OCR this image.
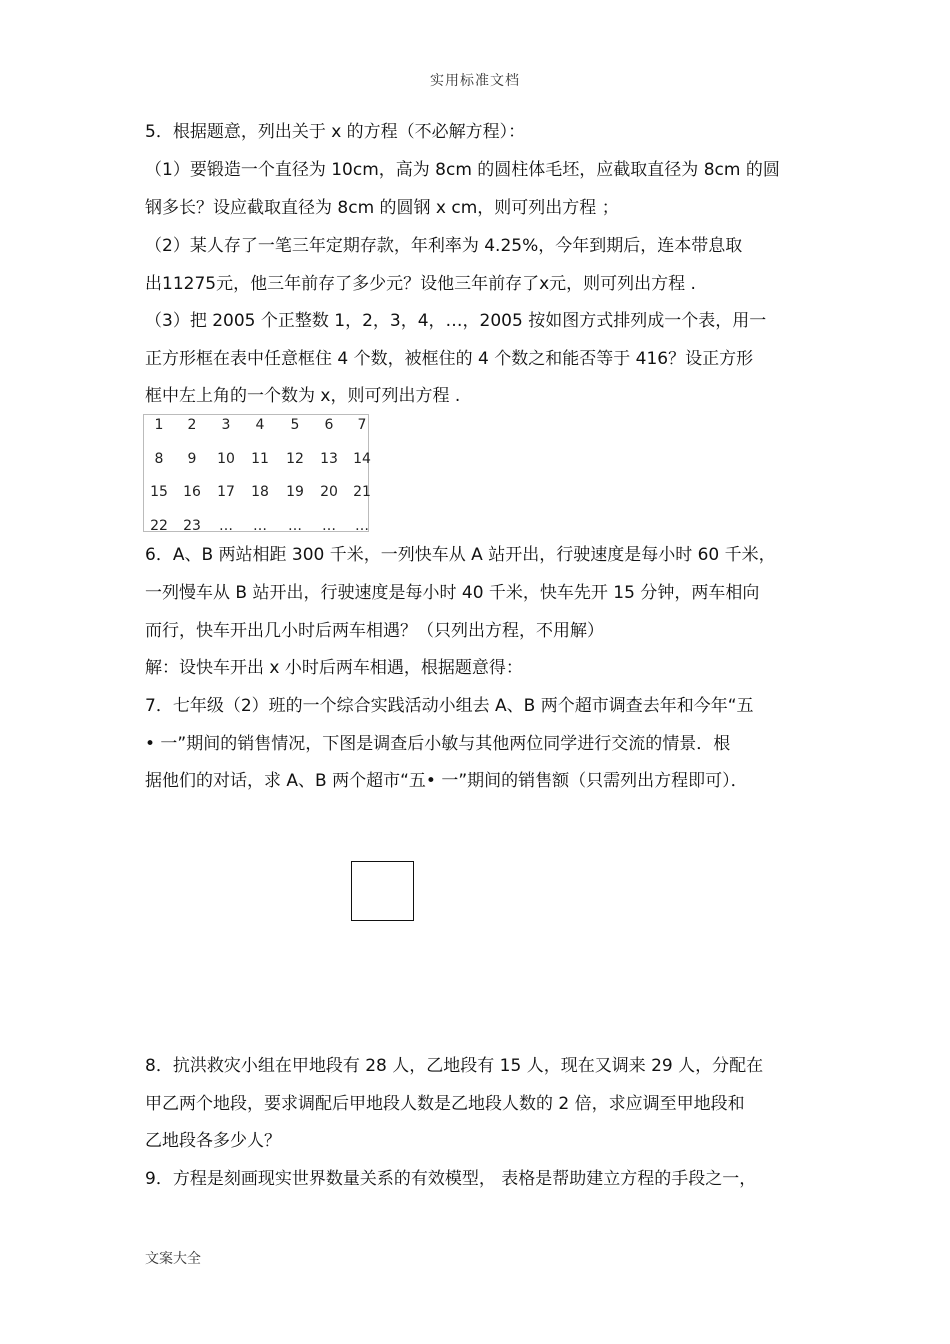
实用标准文档
5．根据题意，列出关于 x 的方程（不必解方程）：
（1）要锻造一个直径为 10cm，高为 8cm 的圆柱体毛坯，应截取直径为 8cm 的圆
钢多长？设应截取直径为 8cm 的圆钢 x cm，则可列出方程 ；
（2）某人存了一笔三年定期存款，年利率为 4.25%，今年到期后，连本带息取
出11275元，他三年前存了多少元？设他三年前存了x元，则可列出方程 .
（3）把 2005 个正整数 1，2，3，4，…，2005 按如图方式排列成一个表，用一
正方形框在表中任意框住 4 个数，被框住的 4 个数之和能否等于 416？设正方形
框中左上角的一个数为 x，则可列出方程 .
6．A、B 两站相距 300 千米，一列快车从 A 站开出，行驶速度是每小时 60 千米，
一列慢车从 B 站开出，行驶速度是每小时 40 千米，快车先开 15 分钟，两车相向
而行，快车开出几小时后两车相遇？（只列出方程，不用解）
解：设快车开出 x 小时后两车相遇，根据题意得：
7．七年级（2）班的一个综合实践活动小组去 A、B 两个超市调查去年和今年“五
• 一”期间的销售情况，下图是调查后小敏与其他两位同学进行交流的情景．根
据他们的对话，求 A、B 两个超市“五• 一”期间的销售额（只需列出方程即可）．
8．抗洪救灾小组在甲地段有 28 人，乙地段有 15 人，现在又调来 29 人，分配在
甲乙两个地段，要求调配后甲地段人数是乙地段人数的 2 倍，求应调至甲地段和
乙地段各多少人？
9．方程是刻画现实世界数量关系的有效模型， 表格是帮助建立方程的手段之一，
1	2	3	4	5	6	7
8	9	10	11	12	13	14
15	16	17	18	19	20	21
22	23	…	…	…	…	…
文案大全
